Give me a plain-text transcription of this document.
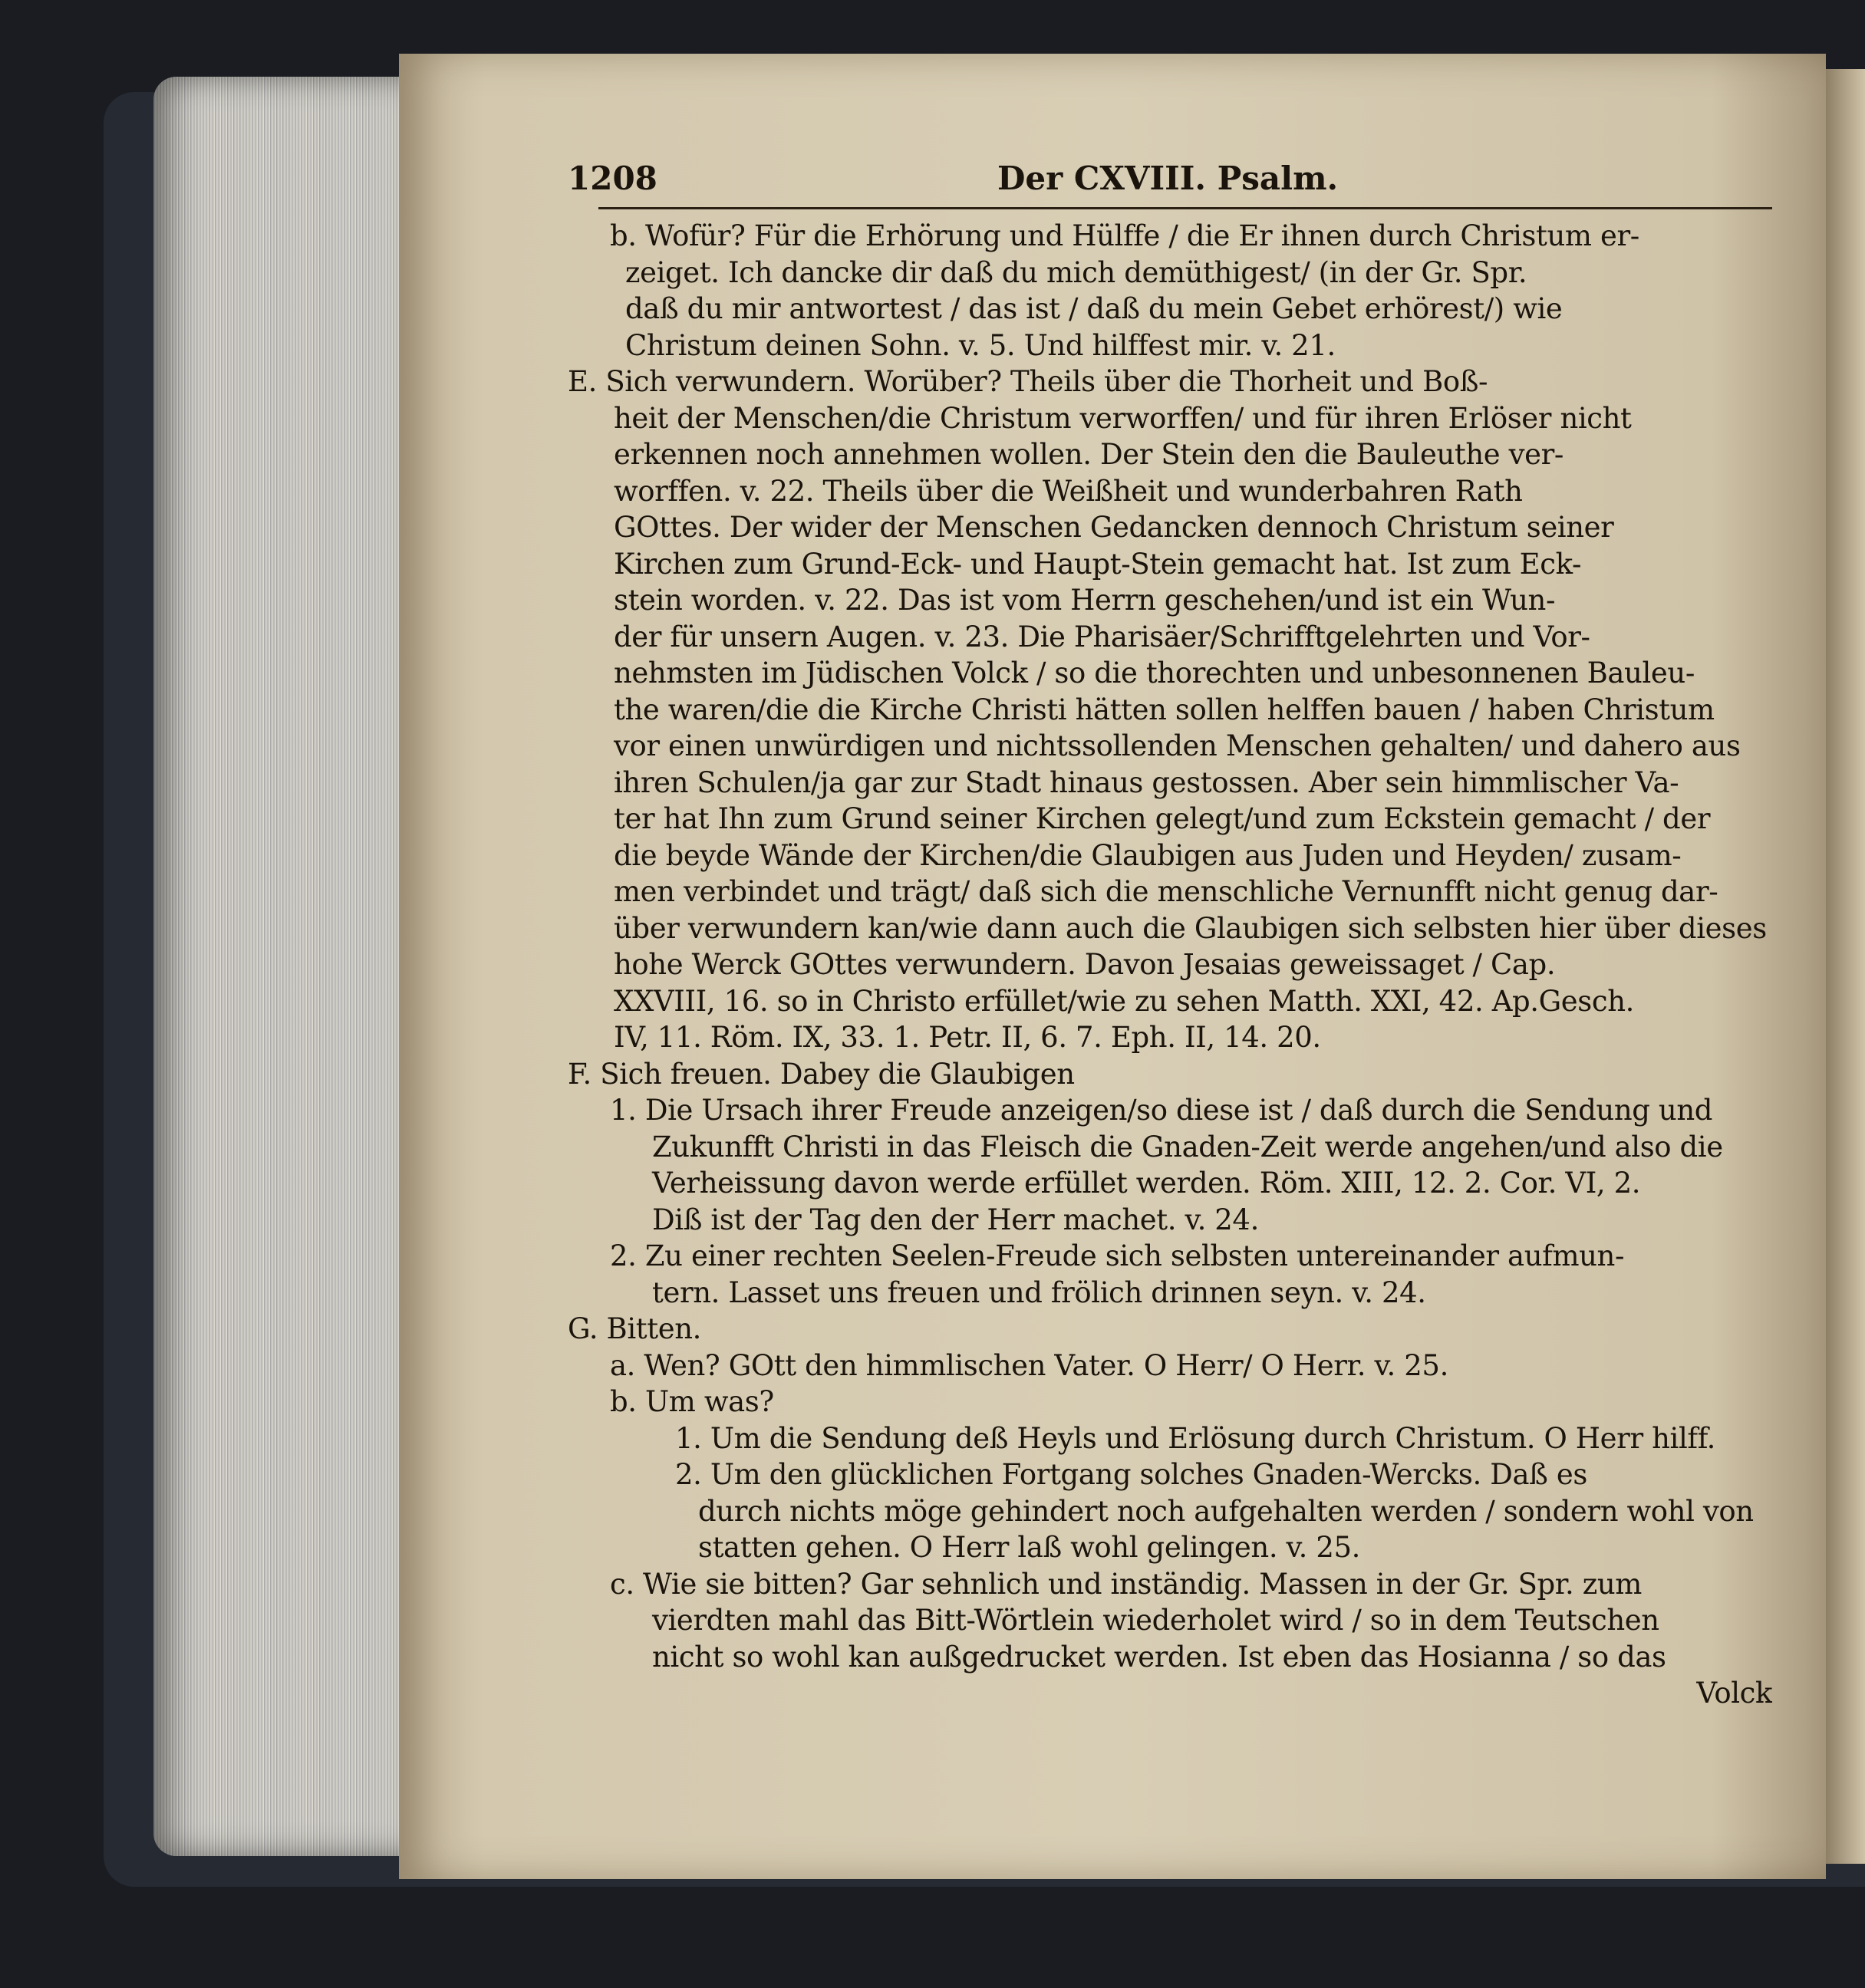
1208	Der CXVIII. Psalm.
b. Wofür? Für die Erhörung und Hülffe / die Er ihnen durch Christum er-
zeiget. Ich dancke dir daß du mich demüthigest/ (in der Gr. Spr.
daß du mir antwortest / das ist / daß du mein Gebet erhörest/) wie
Christum deinen Sohn. v. 5. Und hilffest mir. v. 21.
E. Sich verwundern. Worüber? Theils über die Thorheit und Boß-
heit der Menschen/die Christum verworffen/ und für ihren Erlöser nicht
erkennen noch annehmen wollen. Der Stein den die Bauleuthe ver-
worffen. v. 22. Theils über die Weißheit und wunderbahren Rath
GOttes. Der wider der Menschen Gedancken dennoch Christum seiner
Kirchen zum Grund-Eck- und Haupt-Stein gemacht hat. Ist zum Eck-
stein worden. v. 22. Das ist vom Herrn geschehen/und ist ein Wun-
der für unsern Augen. v. 23. Die Pharisäer/Schrifftgelehrten und Vor-
nehmsten im Jüdischen Volck / so die thorechten und unbesonnenen Bauleu-
the waren/die die Kirche Christi hätten sollen helffen bauen / haben Christum
vor einen unwürdigen und nichtssollenden Menschen gehalten/ und dahero aus
ihren Schulen/ja gar zur Stadt hinaus gestossen. Aber sein himmlischer Va-
ter hat Ihn zum Grund seiner Kirchen gelegt/und zum Eckstein gemacht / der
die beyde Wände der Kirchen/die Glaubigen aus Juden und Heyden/ zusam-
men verbindet und trägt/ daß sich die menschliche Vernunfft nicht genug dar-
über verwundern kan/wie dann auch die Glaubigen sich selbsten hier über dieses
hohe Werck GOttes verwundern. Davon Jesaias geweissaget / Cap.
XXVIII, 16. so in Christo erfüllet/wie zu sehen Matth. XXI, 42. Ap.Gesch.
IV, 11. Röm. IX, 33. 1. Petr. II, 6. 7. Eph. II, 14. 20.
F. Sich freuen. Dabey die Glaubigen
1. Die Ursach ihrer Freude anzeigen/so diese ist / daß durch die Sendung und
Zukunfft Christi in das Fleisch die Gnaden-Zeit werde angehen/und also die
Verheissung davon werde erfüllet werden. Röm. XIII, 12. 2. Cor. VI, 2.
Diß ist der Tag den der Herr machet. v. 24.
2. Zu einer rechten Seelen-Freude sich selbsten untereinander aufmun-
tern. Lasset uns freuen und frölich drinnen seyn. v. 24.
G. Bitten.
a. Wen? GOtt den himmlischen Vater. O Herr/ O Herr. v. 25.
b. Um was?
1. Um die Sendung deß Heyls und Erlösung durch Christum. O Herr hilff.
2. Um den glücklichen Fortgang solches Gnaden-Wercks. Daß es
durch nichts möge gehindert noch aufgehalten werden / sondern wohl von
statten gehen. O Herr laß wohl gelingen. v. 25.
c. Wie sie bitten? Gar sehnlich und inständig. Massen in der Gr. Spr. zum
vierdten mahl das Bitt-Wörtlein wiederholet wird / so in dem Teutschen
nicht so wohl kan außgedrucket werden. Ist eben das Hosianna / so das
Volck
